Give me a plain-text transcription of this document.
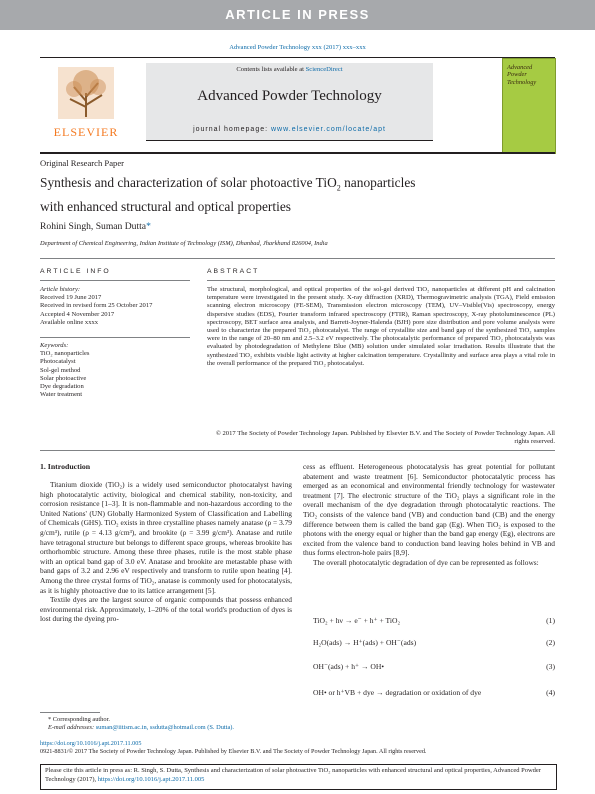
ARTICLE IN PRESS
Advanced Powder Technology xxx (2017) xxx–xxx
ELSEVIER
Contents lists available at ScienceDirect
Advanced Powder Technology
journal homepage: www.elsevier.com/locate/apt
Advanced
Powder
Technology
Original Research Paper
Synthesis and characterization of solar photoactive TiO$_2$ nanoparticles
with enhanced structural and optical properties
Rohini Singh, Suman Dutta*
Department of Chemical Engineering, Indian Institute of Technology (ISM), Dhanbad, Jharkhand 826004, India
ARTICLE INFO
Article history:
Received 19 June 2017
Received in revised form 25 October 2017
Accepted 4 November 2017
Available online xxxx
Keywords:
TiO₂ nanoparticles
Photocatalyst
Sol-gel method
Solar photoactive
Dye degradation
Water treatment
ABSTRACT
The structural, morphological, and optical properties of the sol-gel derived TiO₂ nanoparticles at different pH and calcination temperature were investigated in the present study. X-ray diffraction (XRD), Thermogravimetric analysis (TGA), Field emission scanning electron microscopy (FE-SEM), Transmission electron microscopy (TEM), UV–Visible(Vis) spectroscopy, energy dispersive studies (EDS), Fourier transform infrared spectroscopy (FTIR), Raman spectroscopy, X-ray photoluminescence (PL) spectroscopy, BET surface area analysis, and Barrett-Joyner-Halenda (BJH) pore size distribution and pore volume analysis were used to characterize the prepared TiO₂ photocatalyst. The range of crystallite size and band gap of the synthesized TiO₂ samples were in the range of 20–80 nm and 2.5–3.2 eV respectively. The photocatalytic performance of prepared TiO₂ photocatalysts was evaluated by photodegradation of Methylene Blue (MB) solution under simulated solar irradiation. Results illustrate that the synthesized TiO₂ exhibits visible light activity at higher calcination temperature. Crystallinity and surface area plays a vital role in the overall performance of the prepared TiO₂ photocatalyst.
© 2017 The Society of Powder Technology Japan. Published by Elsevier B.V. and The Society of Powder Technology Japan. All rights reserved.
1. Introduction

Titanium dioxide (TiO₂) is a widely used semiconductor photocatalyst having high photocatalytic activity, biological and chemical stability, non-toxicity, and corrosion resistance [1–3]. It is non-flammable and non-hazardous according to the United Nations' (UN) Globally Harmonized System of Classification and Labelling of Chemicals (GHS). TiO₂ exists in three crystalline phases namely anatase (ρ = 3.79 g/cm³), rutile (ρ = 4.13 g/cm³), and brookite (ρ = 3.99 g/cm³). Anatase and rutile have tetragonal structure but belongs to different space groups, whereas brookite has orthorhombic structure. Among these three phases, rutile is the most stable phase with an optical band gap of 3.0 eV. Anatase and brookite are metastable phase with band gaps of 3.2 and 2.96 eV respectively and transform to rutile upon heating [4]. Among the three crystal forms of TiO₂, anatase is commonly used for photocatalysis, as it is highly photoactive due to its lattice arrangement [5].

Textile dyes are the largest source of organic compounds that possess enhanced environmental risk. Approximately, 1–20% of the total world's production of dyes is lost during the dyeing pro-

cess as effluent. Heterogeneous photocatalysis has great potential for pollutant abatement and waste treatment [6]. Semiconductor photocatalytic process has emerged as an economical and environmental friendly technology for wastewater treatment [7]. The electronic structure of the TiO₂ plays a significant role in the overall mechanism of the dye degradation through photocatalytic reactions. The TiO₂ consists of the valence band (VB) and conduction band (CB) and the energy difference between them is called the band gap (Eg). When TiO₂ is exposed to the photons with the energy equal or higher than the band gap energy (Eg), electrons are excited from the valence band to conduction band leaving holes behind in VB and thus forms electron-hole pairs [8,9].

The overall photocatalytic degradation of dye can be represented as follows:

TiO₂ + hν → e⁻ + h⁺ + TiO₂	(1)
H₂O(ads) → H⁺(ads) + OH⁻(ads)	(2)
OH⁻(ads) + h⁺ → OH•	(3)
OH• or h⁺VB + dye → degradation or oxidation of dye	(4)
* Corresponding author.
E-mail addresses: suman@iitism.ac.in, ssdutta@hotmail.com (S. Dutta).
https://doi.org/10.1016/j.apt.2017.11.005
0921-8831/© 2017 The Society of Powder Technology Japan. Published by Elsevier B.V. and The Society of Powder Technology Japan. All rights reserved.
Please cite this article in press as: R. Singh, S. Dutta, Synthesis and characterization of solar photoactive TiO₂ nanoparticles with enhanced structural and optical properties, Advanced Powder Technology (2017), https://doi.org/10.1016/j.apt.2017.11.005
